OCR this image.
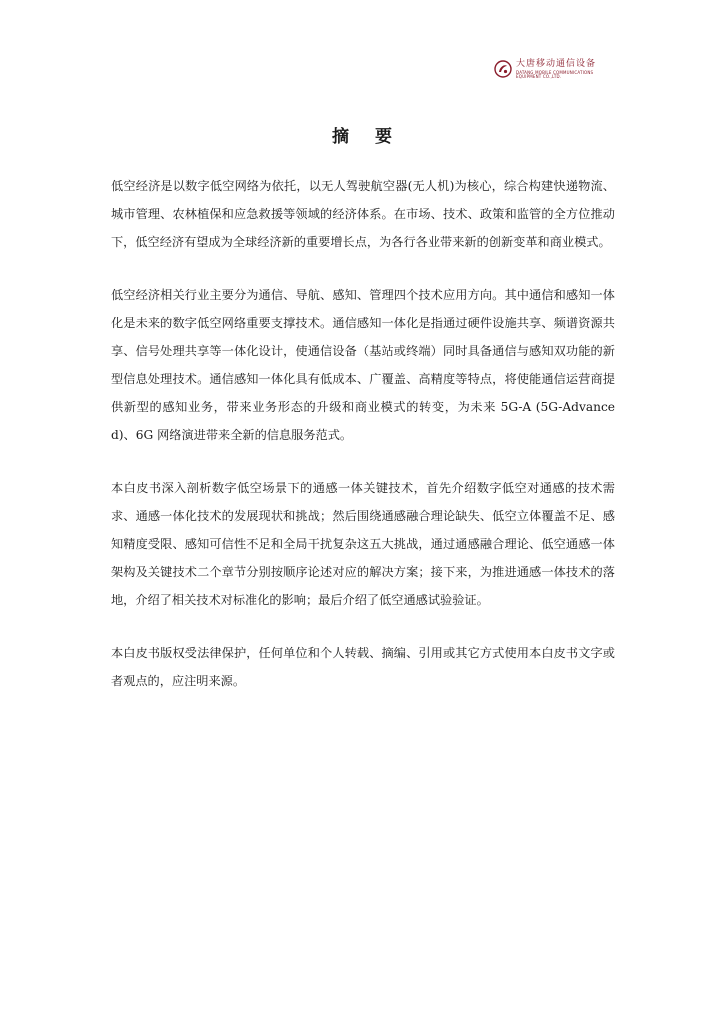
大唐移动通信设备
DATANG MOBILE COMMUNICATIONS EQUIPMENT CO.,LTD.
摘 要

低空经济是以数字低空网络为依托，以无人驾驶航空器(无人机)为核心，综合构建快递物流、城市管理、农林植保和应急救援等领域的经济体系。在市场、技术、政策和监管的全方位推动下，低空经济有望成为全球经济新的重要增长点，为各行各业带来新的创新变革和商业模式。

低空经济相关行业主要分为通信、导航、感知、管理四个技术应用方向。其中通信和感知一体化是未来的数字低空网络重要支撑技术。通信感知一体化是指通过硬件设施共享、频谱资源共享、信号处理共享等一体化设计，使通信设备（基站或终端）同时具备通信与感知双功能的新型信息处理技术。通信感知一体化具有低成本、广覆盖、高精度等特点，将使能通信运营商提供新型的感知业务，带来业务形态的升级和商业模式的转变，为未来 5G-A (5G-Advanced)、6G 网络演进带来全新的信息服务范式。

本白皮书深入剖析数字低空场景下的通感一体关键技术，首先介绍数字低空对通感的技术需求、通感一体化技术的发展现状和挑战；然后围绕通感融合理论缺失、低空立体覆盖不足、感知精度受限、感知可信性不足和全局干扰复杂这五大挑战，通过通感融合理论、低空通感一体架构及关键技术二个章节分别按顺序论述对应的解决方案；接下来，为推进通感一体技术的落地，介绍了相关技术对标准化的影响；最后介绍了低空通感试验验证。

本白皮书版权受法律保护，任何单位和个人转载、摘编、引用或其它方式使用本白皮书文字或者观点的，应注明来源。
